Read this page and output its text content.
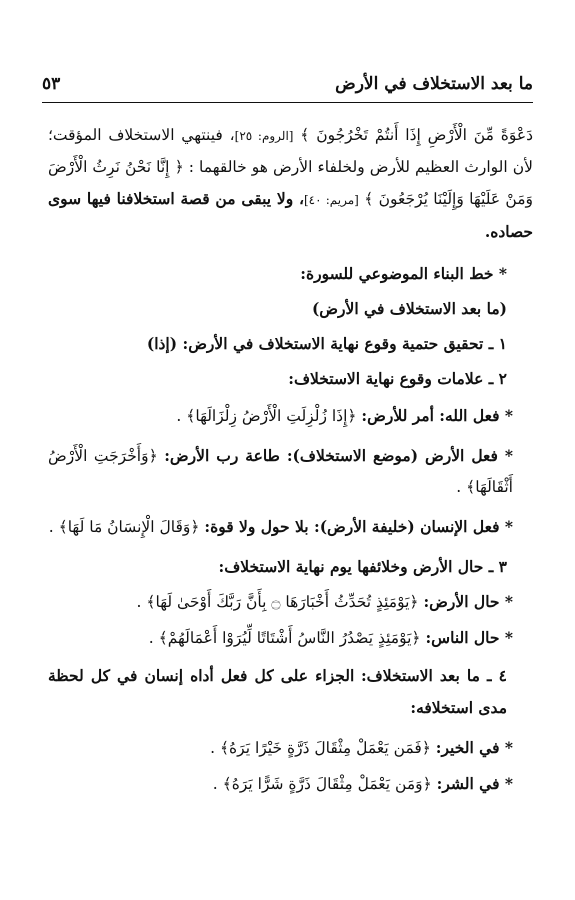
ما بعد الاستخلاف في الأرض
٥٣

دَعْوَةً مِّنَ الْأَرْضِ إِذَا أَنتُمْ تَخْرُجُونَ ﴾ [الروم: ٢٥]، فينتهي الاستخلاف المؤقت؛ لأن الوارث العظيم للأرض ولخلفاء الأرض هو خالقهما : ﴿ إِنَّا نَحْنُ نَرِثُ الْأَرْضَ وَمَنْ عَلَيْهَا وَإِلَيْنَا يُرْجَعُونَ ﴾ [مريم: ٤٠]، ولا يبقى من قصة استخلافنا فيها سوى حصاده.

* خط البناء الموضوعي للسورة:

(ما بعد الاستخلاف في الأرض)

١ ـ تحقيق حتمية وقوع نهاية الاستخلاف في الأرض: (إذا)

٢ ـ علامات وقوع نهاية الاستخلاف:

* فعل الله: أمر للأرض: ﴿إِذَا زُلْزِلَتِ الْأَرْضُ زِلْزَالَهَا﴾ .

* فعل الأرض (موضع الاستخلاف): طاعة رب الأرض: ﴿وَأَخْرَجَتِ الْأَرْضُ أَثْقَالَهَا﴾ .

* فعل الإنسان (خليفة الأرض): بلا حول ولا قوة: ﴿وَقَالَ الْإِنسَانُ مَا لَهَا﴾ .

٣ ـ حال الأرض وخلائفها يوم نهاية الاستخلاف:

* حال الأرض: ﴿يَوْمَئِذٍ تُحَدِّثُ أَخْبَارَهَا ۝ بِأَنَّ رَبَّكَ أَوْحَىٰ لَهَا﴾ .

* حال الناس: ﴿يَوْمَئِذٍ يَصْدُرُ النَّاسُ أَشْتَاتًا لِّيُرَوْا أَعْمَالَهُمْ﴾ .

٤ ـ ما بعد الاستخلاف: الجزاء على كل فعل أداه إنسان في كل لحظة مدى استخلافه:

* في الخير: ﴿فَمَن يَعْمَلْ مِثْقَالَ ذَرَّةٍ خَيْرًا يَرَهُ﴾ .

* في الشر: ﴿وَمَن يَعْمَلْ مِثْقَالَ ذَرَّةٍ شَرًّا يَرَهُ﴾ .
